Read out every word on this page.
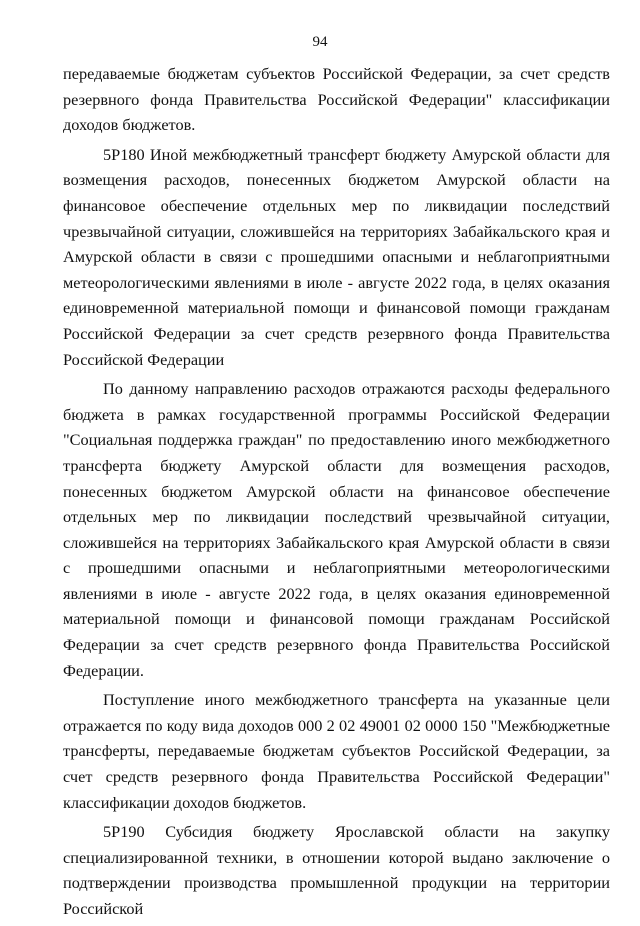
94

передаваемые бюджетам субъектов Российской Федерации, за счет средств резервного фонда Правительства Российской Федерации" классификации доходов бюджетов.

5Р180 Иной межбюджетный трансферт бюджету Амурской области для возмещения расходов, понесенных бюджетом Амурской области на финансовое обеспечение отдельных мер по ликвидации последствий чрезвычайной ситуации, сложившейся на территориях Забайкальского края и Амурской области в связи с прошедшими опасными и неблагоприятными метеорологическими явлениями в июле - августе 2022 года, в целях оказания единовременной материальной помощи и финансовой помощи гражданам Российской Федерации за счет средств резервного фонда Правительства Российской Федерации

По данному направлению расходов отражаются расходы федерального бюджета в рамках государственной программы Российской Федерации "Социальная поддержка граждан" по предоставлению иного межбюджетного трансферта бюджету Амурской области для возмещения расходов, понесенных бюджетом Амурской области на финансовое обеспечение отдельных мер по ликвидации последствий чрезвычайной ситуации, сложившейся на территориях Забайкальского края Амурской области в связи с прошедшими опасными и неблагоприятными метеорологическими явлениями в июле - августе 2022 года, в целях оказания единовременной материальной помощи и финансовой помощи гражданам Российской Федерации за счет средств резервного фонда Правительства Российской Федерации.

Поступление иного межбюджетного трансферта на указанные цели отражается по коду вида доходов 000 2 02 49001 02 0000 150 "Межбюджетные трансферты, передаваемые бюджетам субъектов Российской Федерации, за счет средств резервного фонда Правительства Российской Федерации" классификации доходов бюджетов.

5Р190 Субсидия бюджету Ярославской области на закупку специализированной техники, в отношении которой выдано заключение о подтверждении производства промышленной продукции на территории Российской
